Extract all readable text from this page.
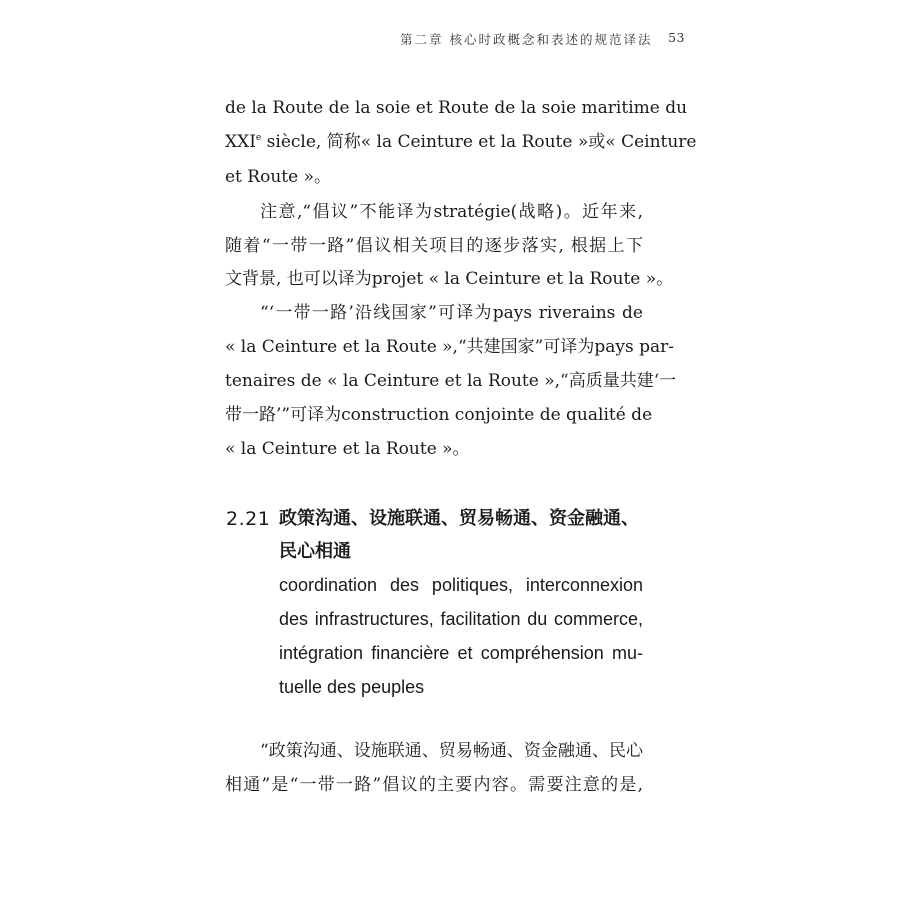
第二章 核心时政概念和表述的规范译法 53
de la Route de la soie et Route de la soie maritime du
XXIe siècle, 简称« la Ceinture et la Route »或« Ceinture
et Route »。
注意,“倡议”不能译为stratégie(战略)。近年来,
随着“一带一路”倡议相关项目的逐步落实, 根据上下
文背景, 也可以译为projet « la Ceinture et la Route »。
“‘一带一路’沿线国家”可译为pays riverains de
« la Ceinture et la Route »,“共建国家”可译为pays par-
tenaires de « la Ceinture et la Route »,“高质量共建‘一
带一路’”可译为construction conjointe de qualité de
« la Ceinture et la Route »。
2.21 政策沟通、设施联通、贸易畅通、资金融通、
民心相通
coordination des politiques, interconnexion
des infrastructures, facilitation du commerce,
intégration financière et compréhension mu-
tuelle des peuples
“政策沟通、设施联通、贸易畅通、资金融通、民心
相通”是“一带一路”倡议的主要内容。需要注意的是,
